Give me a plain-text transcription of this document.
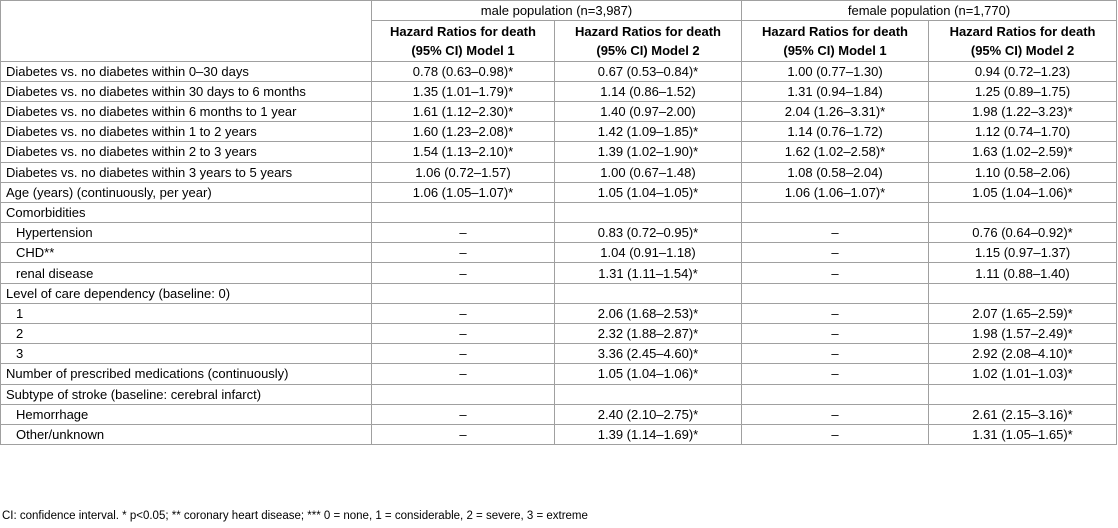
	male population (n=3,987)		female population (n=1,770)	
	Hazard Ratios for death	Hazard Ratios for death	Hazard Ratios for death	Hazard Ratios for death
	(95% CI) Model 1	(95% CI) Model 2	(95% CI) Model 1	(95% CI) Model 2
Diabetes vs. no diabetes within 0–30 days	0.78 (0.63–0.98)*	0.67 (0.53–0.84)*	1.00 (0.77–1.30)	0.94 (0.72–1.23)
Diabetes vs. no diabetes within 30 days to 6 months	1.35 (1.01–1.79)*	1.14 (0.86–1.52)	1.31 (0.94–1.84)	1.25 (0.89–1.75)
Diabetes vs. no diabetes within 6 months to 1 year	1.61 (1.12–2.30)*	1.40 (0.97–2.00)	2.04 (1.26–3.31)*	1.98 (1.22–3.23)*
Diabetes vs. no diabetes within 1 to 2 years	1.60 (1.23–2.08)*	1.42 (1.09–1.85)*	1.14 (0.76–1.72)	1.12 (0.74–1.70)
Diabetes vs. no diabetes within 2 to 3 years	1.54 (1.13–2.10)*	1.39 (1.02–1.90)*	1.62 (1.02–2.58)*	1.63 (1.02–2.59)*
Diabetes vs. no diabetes within 3 years to 5 years	1.06 (0.72–1.57)	1.00 (0.67–1.48)	1.08 (0.58–2.04)	1.10 (0.58–2.06)
Age (years) (continuously, per year)	1.06 (1.05–1.07)*	1.05 (1.04–1.05)*	1.06 (1.06–1.07)*	1.05 (1.04–1.06)*
Comorbidities				
Hypertension	–	0.83 (0.72–0.95)*	–	0.76 (0.64–0.92)*
CHD**	–	1.04 (0.91–1.18)	–	1.15 (0.97–1.37)
renal disease	–	1.31 (1.11–1.54)*	–	1.11 (0.88–1.40)
Level of care dependency (baseline: 0)				
1	–	2.06 (1.68–2.53)*	–	2.07 (1.65–2.59)*
2	–	2.32 (1.88–2.87)*	–	1.98 (1.57–2.49)*
3	–	3.36 (2.45–4.60)*	–	2.92 (2.08–4.10)*
Number of prescribed medications (continuously)	–	1.05 (1.04–1.06)*	–	1.02 (1.01–1.03)*
Subtype of stroke (baseline: cerebral infarct)				
Hemorrhage	–	2.40 (2.10–2.75)*	–	2.61 (2.15–3.16)*
Other/unknown	–	1.39 (1.14–1.69)*	–	1.31 (1.05–1.65)*
CI: confidence interval. * p<0.05; ** coronary heart disease; *** 0 = none, 1 = considerable, 2 = severe, 3 = extreme
